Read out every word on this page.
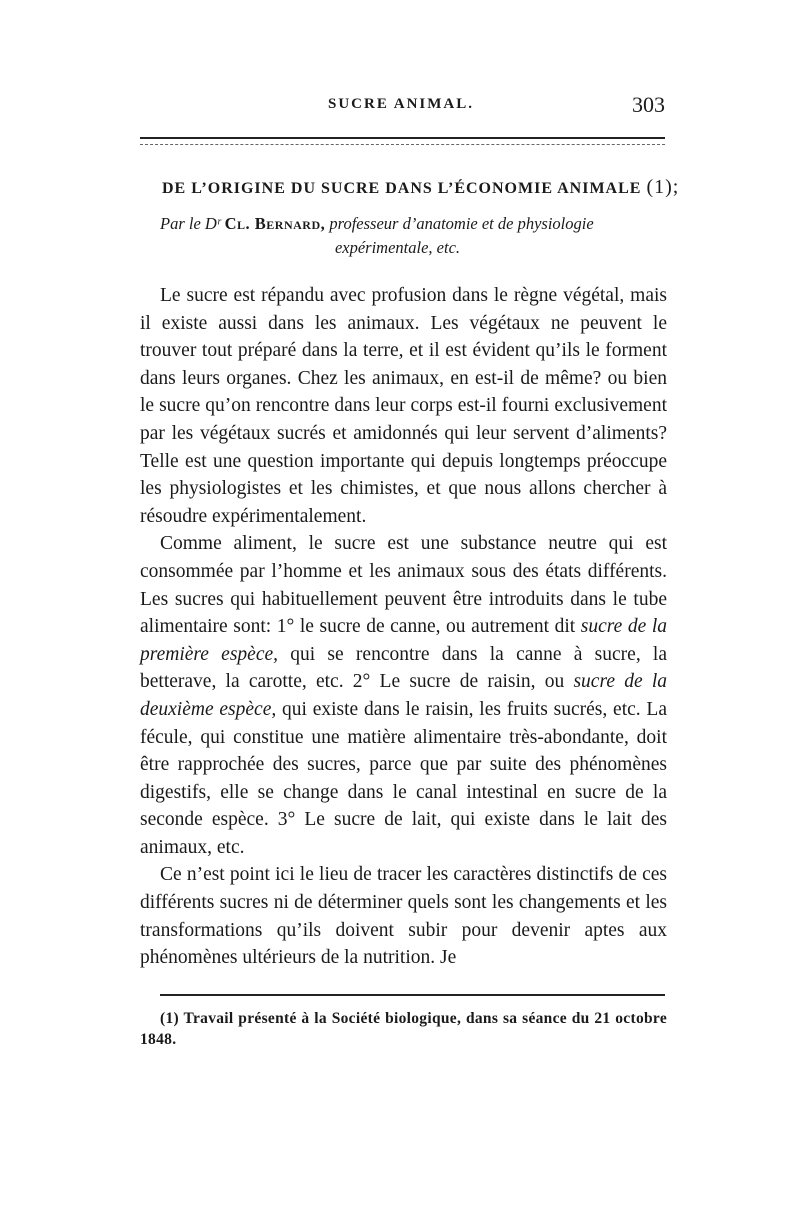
SUCRE ANIMAL.	303
DE L’ORIGINE DU SUCRE DANS L’ÉCONOMIE ANIMALE (1);
Par le Dʳ Cl. Bernard, professeur d’anatomie et de physiologie
expérimentale, etc.

Le sucre est répandu avec profusion dans le règne végétal, mais il existe aussi dans les animaux. Les végétaux ne peuvent le trouver tout préparé dans la terre, et il est évident qu’ils le forment dans leurs organes. Chez les animaux, en est-il de même? ou bien le sucre qu’on rencontre dans leur corps est-il fourni exclusivement par les végétaux sucrés et amidonnés qui leur servent d’aliments? Telle est une question importante qui depuis longtemps préoccupe les physiologistes et les chimistes, et que nous allons chercher à résoudre expérimentalement.

Comme aliment, le sucre est une substance neutre qui est consommée par l’homme et les animaux sous des états différents. Les sucres qui habituellement peuvent être introduits dans le tube alimentaire sont: 1° le sucre de canne, ou autrement dit sucre de la première espèce, qui se rencontre dans la canne à sucre, la betterave, la carotte, etc. 2° Le sucre de raisin, ou sucre de la deuxième espèce, qui existe dans le raisin, les fruits sucrés, etc. La fécule, qui constitue une matière alimentaire très-abondante, doit être rapprochée des sucres, parce que par suite des phénomènes digestifs, elle se change dans le canal intestinal en sucre de la seconde espèce. 3° Le sucre de lait, qui existe dans le lait des animaux, etc.

Ce n’est point ici le lieu de tracer les caractères distinctifs de ces différents sucres ni de déterminer quels sont les changements et les transformations qu’ils doivent subir pour devenir aptes aux phénomènes ultérieurs de la nutrition. Je

(1) Travail présenté à la Société biologique, dans sa séance du 21 octobre 1848.
